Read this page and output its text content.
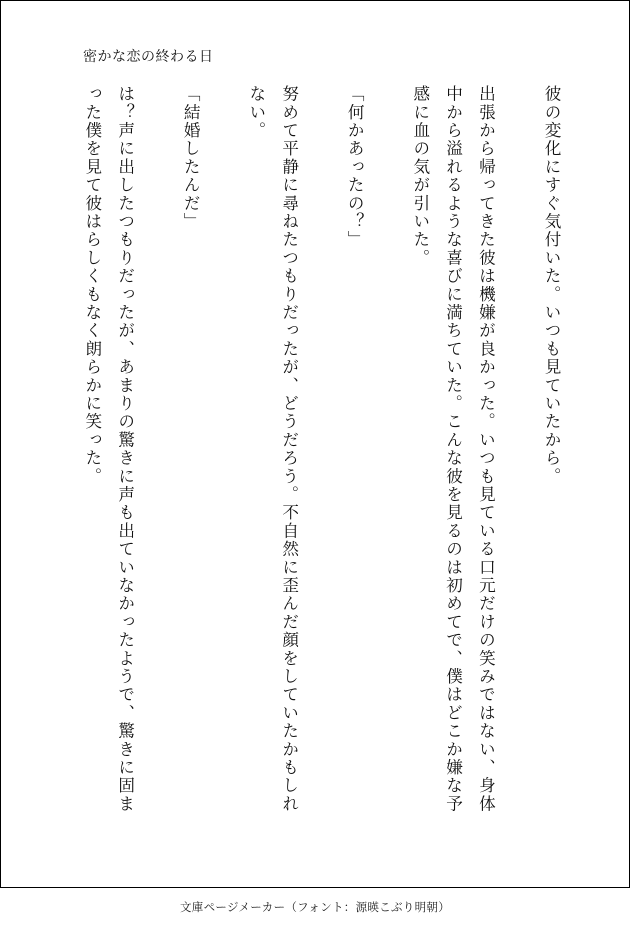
密かな恋の終わる日

彼の変化にすぐ気付いた。いつも見ていたから。

出張から帰ってきた彼は機嫌が良かった。いつも見ている口元だけの笑みではない、身体中から溢れるような喜びに満ちていた。こんな彼を見るのは初めてで、僕はどこか嫌な予感に血の気が引いた。

「何かあったの？」

努めて平静に尋ねたつもりだったが、どうだろう。不自然に歪んだ顔をしていたかもしれない。

「結婚したんだ」

は？声に出したつもりだったが、あまりの驚きに声も出ていなかったようで、驚きに固まった僕を見て彼はらしくもなく朗らかに笑った。

文庫ページメーカー（フォント：源暎こぶり明朝）
